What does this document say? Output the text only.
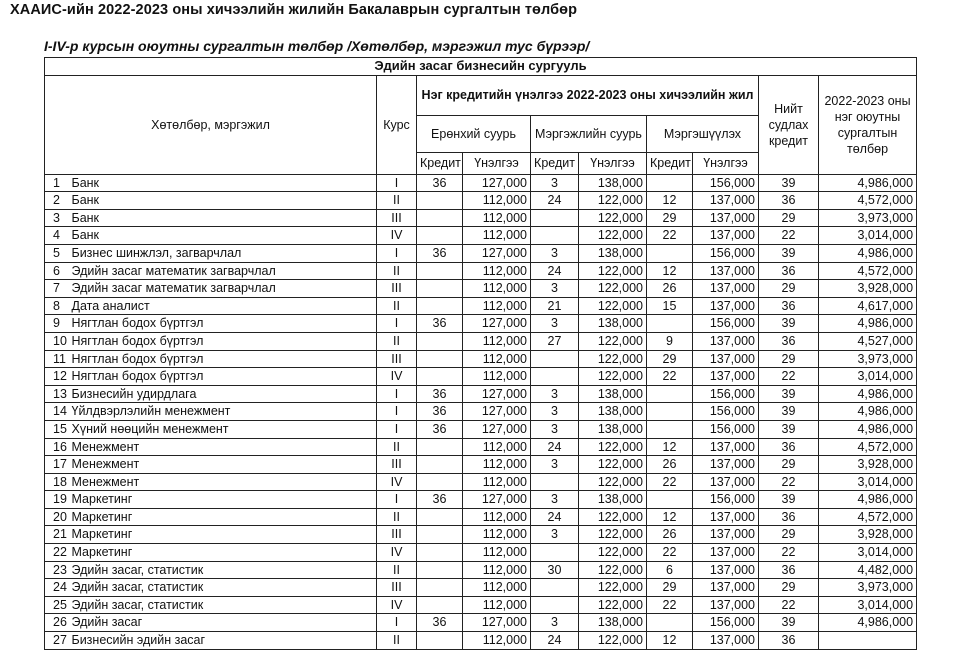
ХААИС-ийн 2022-2023 оны хичээлийн жилийн Бакалаврын сургалтын төлбөр
I-IV-р курсын оюутны сургалтын төлбөр /Хөтөлбөр, мэргэжил тус бүрээр/
Эдийн засаг бизнесийн сургууль										
Хөтөлбөр, мэргэжил		Курс	Нэг кредитийн үнэлгээ 2022-2023 оны хичээлийн жил						Нийт судлах кредит	2022-2023 оны нэг оюутны сургалтын төлбөр
			Ерөнхий суурь		Мэргэжлийн суурь		Мэргэшүүлэх			
			Кредит	Үнэлгээ	Кредит	Үнэлгээ	Кредит	Үнэлгээ		
1	Банк	I	36	127,000	3	138,000		156,000	39	4,986,000
2	Банк	II		112,000	24	122,000	12	137,000	36	4,572,000
3	Банк	III		112,000		122,000	29	137,000	29	3,973,000
4	Банк	IV		112,000		122,000	22	137,000	22	3,014,000
5	Бизнес шинжлэл, загварчлал	I	36	127,000	3	138,000		156,000	39	4,986,000
6	Эдийн засаг математик загварчлал	II		112,000	24	122,000	12	137,000	36	4,572,000
7	Эдийн засаг математик загварчлал	III		112,000	3	122,000	26	137,000	29	3,928,000
8	Дата аналист	II		112,000	21	122,000	15	137,000	36	4,617,000
9	Нягтлан бодох бүртгэл	I	36	127,000	3	138,000		156,000	39	4,986,000
10	Нягтлан бодох бүртгэл	II		112,000	27	122,000	9	137,000	36	4,527,000
11	Нягтлан бодох бүртгэл	III		112,000		122,000	29	137,000	29	3,973,000
12	Нягтлан бодох бүртгэл	IV		112,000		122,000	22	137,000	22	3,014,000
13	Бизнесийн удирдлага	I	36	127,000	3	138,000		156,000	39	4,986,000
14	Үйлдвэрлэлийн менежмент	I	36	127,000	3	138,000		156,000	39	4,986,000
15	Хүний нөөцийн менежмент	I	36	127,000	3	138,000		156,000	39	4,986,000
16	Менежмент	II		112,000	24	122,000	12	137,000	36	4,572,000
17	Менежмент	III		112,000	3	122,000	26	137,000	29	3,928,000
18	Менежмент	IV		112,000		122,000	22	137,000	22	3,014,000
19	Маркетинг	I	36	127,000	3	138,000		156,000	39	4,986,000
20	Маркетинг	II		112,000	24	122,000	12	137,000	36	4,572,000
21	Маркетинг	III		112,000	3	122,000	26	137,000	29	3,928,000
22	Маркетинг	IV		112,000		122,000	22	137,000	22	3,014,000
23	Эдийн засаг, статистик	II		112,000	30	122,000	6	137,000	36	4,482,000
24	Эдийн засаг, статистик	III		112,000		122,000	29	137,000	29	3,973,000
25	Эдийн засаг, статистик	IV		112,000		122,000	22	137,000	22	3,014,000
26	Эдийн засаг	I	36	127,000	3	138,000		156,000	39	4,986,000
27	Бизнесийн эдийн засаг	II		112,000	24	122,000	12	137,000	36	
